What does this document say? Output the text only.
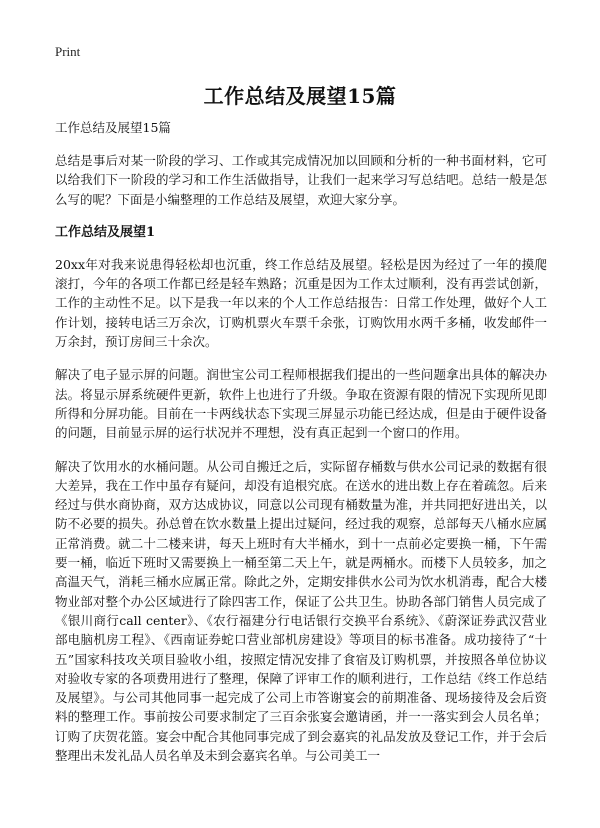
Print
工作总结及展望15篇

工作总结及展望15篇

总结是事后对某一阶段的学习、工作或其完成情况加以回顾和分析的一种书面材料，它可以给我们下一阶段的学习和工作生活做指导，让我们一起来学习写总结吧。总结一般是怎么写的呢？下面是小编整理的工作总结及展望，欢迎大家分享。

工作总结及展望1

20xx年对我来说患得轻松却也沉重，终工作总结及展望。轻松是因为经过了一年的摸爬滚打，今年的各项工作都已经是轻车熟路；沉重是因为工作太过顺利，没有再尝试创新，工作的主动性不足。以下是我一年以来的个人工作总结报告：日常工作处理，做好个人工作计划，接转电话三万余次，订购机票火车票千余张，订购饮用水两千多桶，收发邮件一万余封，预订房间三十余次。

解决了电子显示屏的问题。润世宝公司工程师根据我们提出的一些问题拿出具体的解决办法。将显示屏系统硬件更新，软件上也进行了升级。争取在资源有限的情况下实现所见即所得和分屏功能。目前在一卡两线状态下实现三屏显示功能已经达成，但是由于硬件设备的问题，目前显示屏的运行状况并不理想，没有真正起到一个窗口的作用。

解决了饮用水的水桶问题。从公司自搬迁之后，实际留存桶数与供水公司记录的数据有很大差异，我在工作中虽存有疑问，却没有追根究底。在送水的进出数上存在着疏忽。后来经过与供水商协商，双方达成协议，同意以公司现有桶数量为准，并共同把好进出关，以防不必要的损失。孙总曾在饮水数量上提出过疑问，经过我的观察，总部每天八桶水应属正常消费。就二十二楼来讲，每天上班时有大半桶水，到十一点前必定要换一桶，下午需要一桶，临近下班时又需要换上一桶至第二天上午，就是两桶水。而楼下人员较多，加之高温天气，消耗三桶水应属正常。除此之外，定期安排供水公司为饮水机消毒，配合大楼物业部对整个办公区域进行了除四害工作，保证了公共卫生。协助各部门销售人员完成了《银川商行call center》、《农行福建分行电话银行交换平台系统》、《蔚深证券武汉营业部电脑机房工程》、《西南证券蛇口营业部机房建设》等项目的标书准备。成功接待了“十五”国家科技攻关项目验收小组，按照定情况安排了食宿及订购机票，并按照各单位协议对验收专家的各项费用进行了整理，保障了评审工作的顺利进行，工作总结《终工作总结及展望》。与公司其他同事一起完成了公司上市答谢宴会的前期准备、现场接待及会后资料的整理工作。事前按公司要求制定了三百余张宴会邀请函，并一一落实到会人员名单；订购了庆贺花篮。宴会中配合其他同事完成了到会嘉宾的礼品发放及登记工作，并于会后整理出未发礼品人员名单及未到会嘉宾名单。与公司美工一
